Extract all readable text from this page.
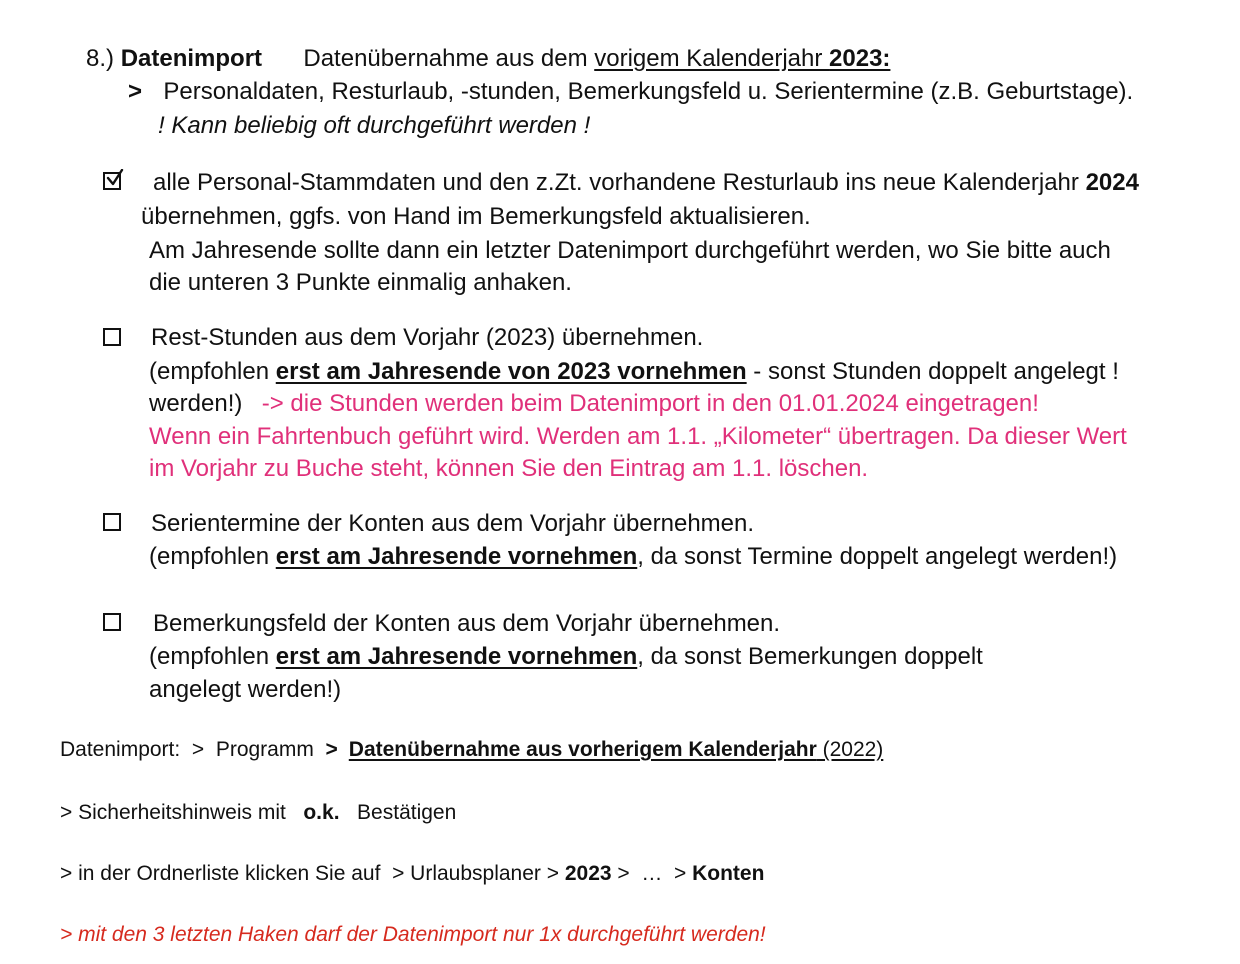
8.) Datenimport Datenübernahme aus dem vorigem Kalenderjahr 2023:
> Personaldaten, Resturlaub, -stunden, Bemerkungsfeld u. Serientermine (z.B. Geburtstage).
! Kann beliebig oft durchgeführt werden !
alle Personal-Stammdaten und den z.Zt. vorhandene Resturlaub ins neue Kalenderjahr 2024
übernehmen, ggfs. von Hand im Bemerkungsfeld aktualisieren.
Am Jahresende sollte dann ein letzter Datenimport durchgeführt werden, wo Sie bitte auch
die unteren 3 Punkte einmalig anhaken.
Rest-Stunden aus dem Vorjahr (2023) übernehmen.
(empfohlen erst am Jahresende von 2023 vornehmen - sonst Stunden doppelt angelegt !
werden!) -> die Stunden werden beim Datenimport in den 01.01.2024 eingetragen!
Wenn ein Fahrtenbuch geführt wird. Werden am 1.1. „Kilometer“ übertragen. Da dieser Wert
im Vorjahr zu Buche steht, können Sie den Eintrag am 1.1. löschen.
Serientermine der Konten aus dem Vorjahr übernehmen.
(empfohlen erst am Jahresende vornehmen, da sonst Termine doppelt angelegt werden!)
Bemerkungsfeld der Konten aus dem Vorjahr übernehmen.
(empfohlen erst am Jahresende vornehmen, da sonst Bemerkungen doppelt
angelegt werden!)
Datenimport:  >  Programm  > Datenübernahme aus vorherigem Kalenderjahr (2022)
> Sicherheitshinweis mit   o.k.   Bestätigen
> in der Ordnerliste klicken Sie auf  > Urlaubsplaner > 2023 >  …  > Konten
> mit den 3 letzten Haken darf der Datenimport nur 1x durchgeführt werden!
